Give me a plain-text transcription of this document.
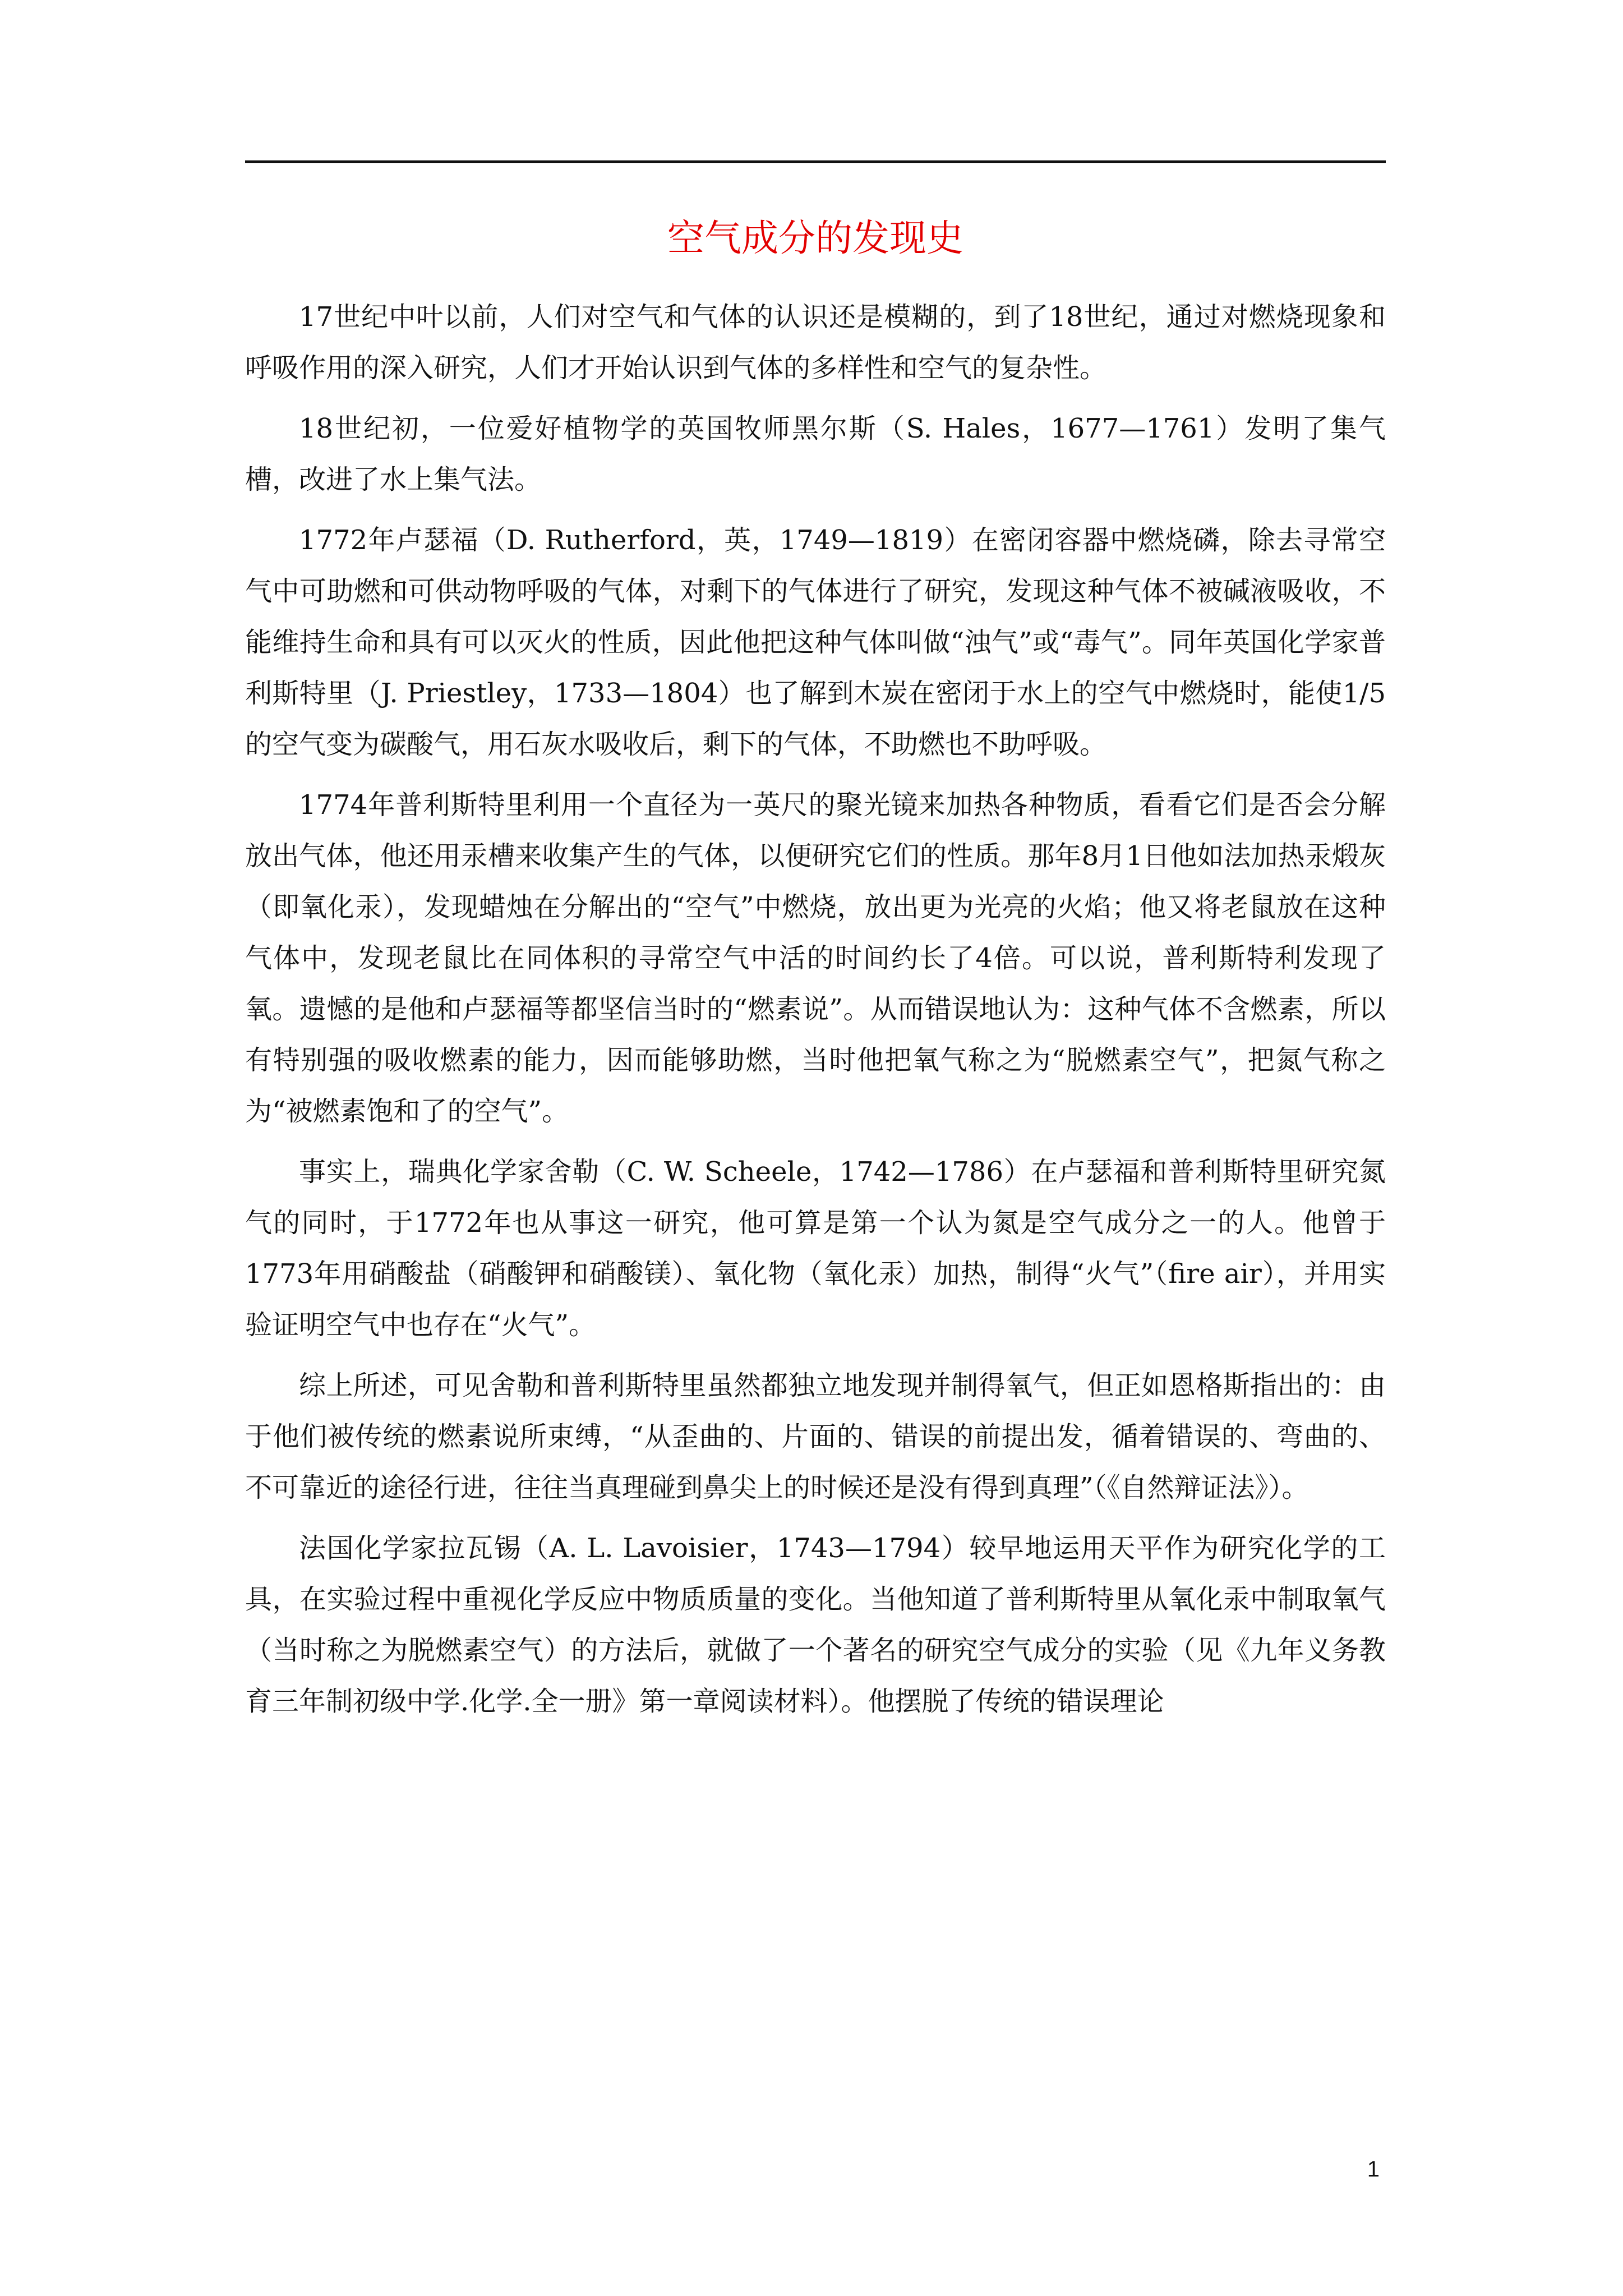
空气成分的发现史

17世纪中叶以前，人们对空气和气体的认识还是模糊的，到了18世纪，通过对燃烧现象和呼吸作用的深入研究，人们才开始认识到气体的多样性和空气的复杂性。

18世纪初，一位爱好植物学的英国牧师黑尔斯（S. Hales，1677—1761）发明了集气槽，改进了水上集气法。

1772年卢瑟福（D. Rutherford，英，1749—1819）在密闭容器中燃烧磷，除去寻常空气中可助燃和可供动物呼吸的气体，对剩下的气体进行了研究，发现这种气体不被碱液吸收，不能维持生命和具有可以灭火的性质，因此他把这种气体叫做“浊气”或“毒气”。同年英国化学家普利斯特里（J. Priestley，1733—1804）也了解到木炭在密闭于水上的空气中燃烧时，能使1/5的空气变为碳酸气，用石灰水吸收后，剩下的气体，不助燃也不助呼吸。

1774年普利斯特里利用一个直径为一英尺的聚光镜来加热各种物质，看看它们是否会分解放出气体，他还用汞槽来收集产生的气体，以便研究它们的性质。那年8月1日他如法加热汞煅灰（即氧化汞），发现蜡烛在分解出的“空气”中燃烧，放出更为光亮的火焰；他又将老鼠放在这种气体中，发现老鼠比在同体积的寻常空气中活的时间约长了4倍。可以说，普利斯特利发现了氧。遗憾的是他和卢瑟福等都坚信当时的“燃素说”。从而错误地认为：这种气体不含燃素，所以有特别强的吸收燃素的能力，因而能够助燃，当时他把氧气称之为“脱燃素空气”，把氮气称之为“被燃素饱和了的空气”。

事实上，瑞典化学家舍勒（C. W. Scheele，1742—1786）在卢瑟福和普利斯特里研究氮气的同时，于1772年也从事这一研究，他可算是第一个认为氮是空气成分之一的人。他曾于1773年用硝酸盐（硝酸钾和硝酸镁）、氧化物（氧化汞）加热，制得“火气”（fire air），并用实验证明空气中也存在“火气”。

综上所述，可见舍勒和普利斯特里虽然都独立地发现并制得氧气，但正如恩格斯指出的：由于他们被传统的燃素说所束缚，“从歪曲的、片面的、错误的前提出发，循着错误的、弯曲的、不可靠近的途径行进，往往当真理碰到鼻尖上的时候还是没有得到真理”（《自然辩证法》）。

法国化学家拉瓦锡（A. L. Lavoisier，1743—1794）较早地运用天平作为研究化学的工具，在实验过程中重视化学反应中物质质量的变化。当他知道了普利斯特里从氧化汞中制取氧气（当时称之为脱燃素空气）的方法后，就做了一个著名的研究空气成分的实验（见《九年义务教育三年制初级中学.化学.全一册》第一章阅读材料）。他摆脱了传统的错误理论

1
